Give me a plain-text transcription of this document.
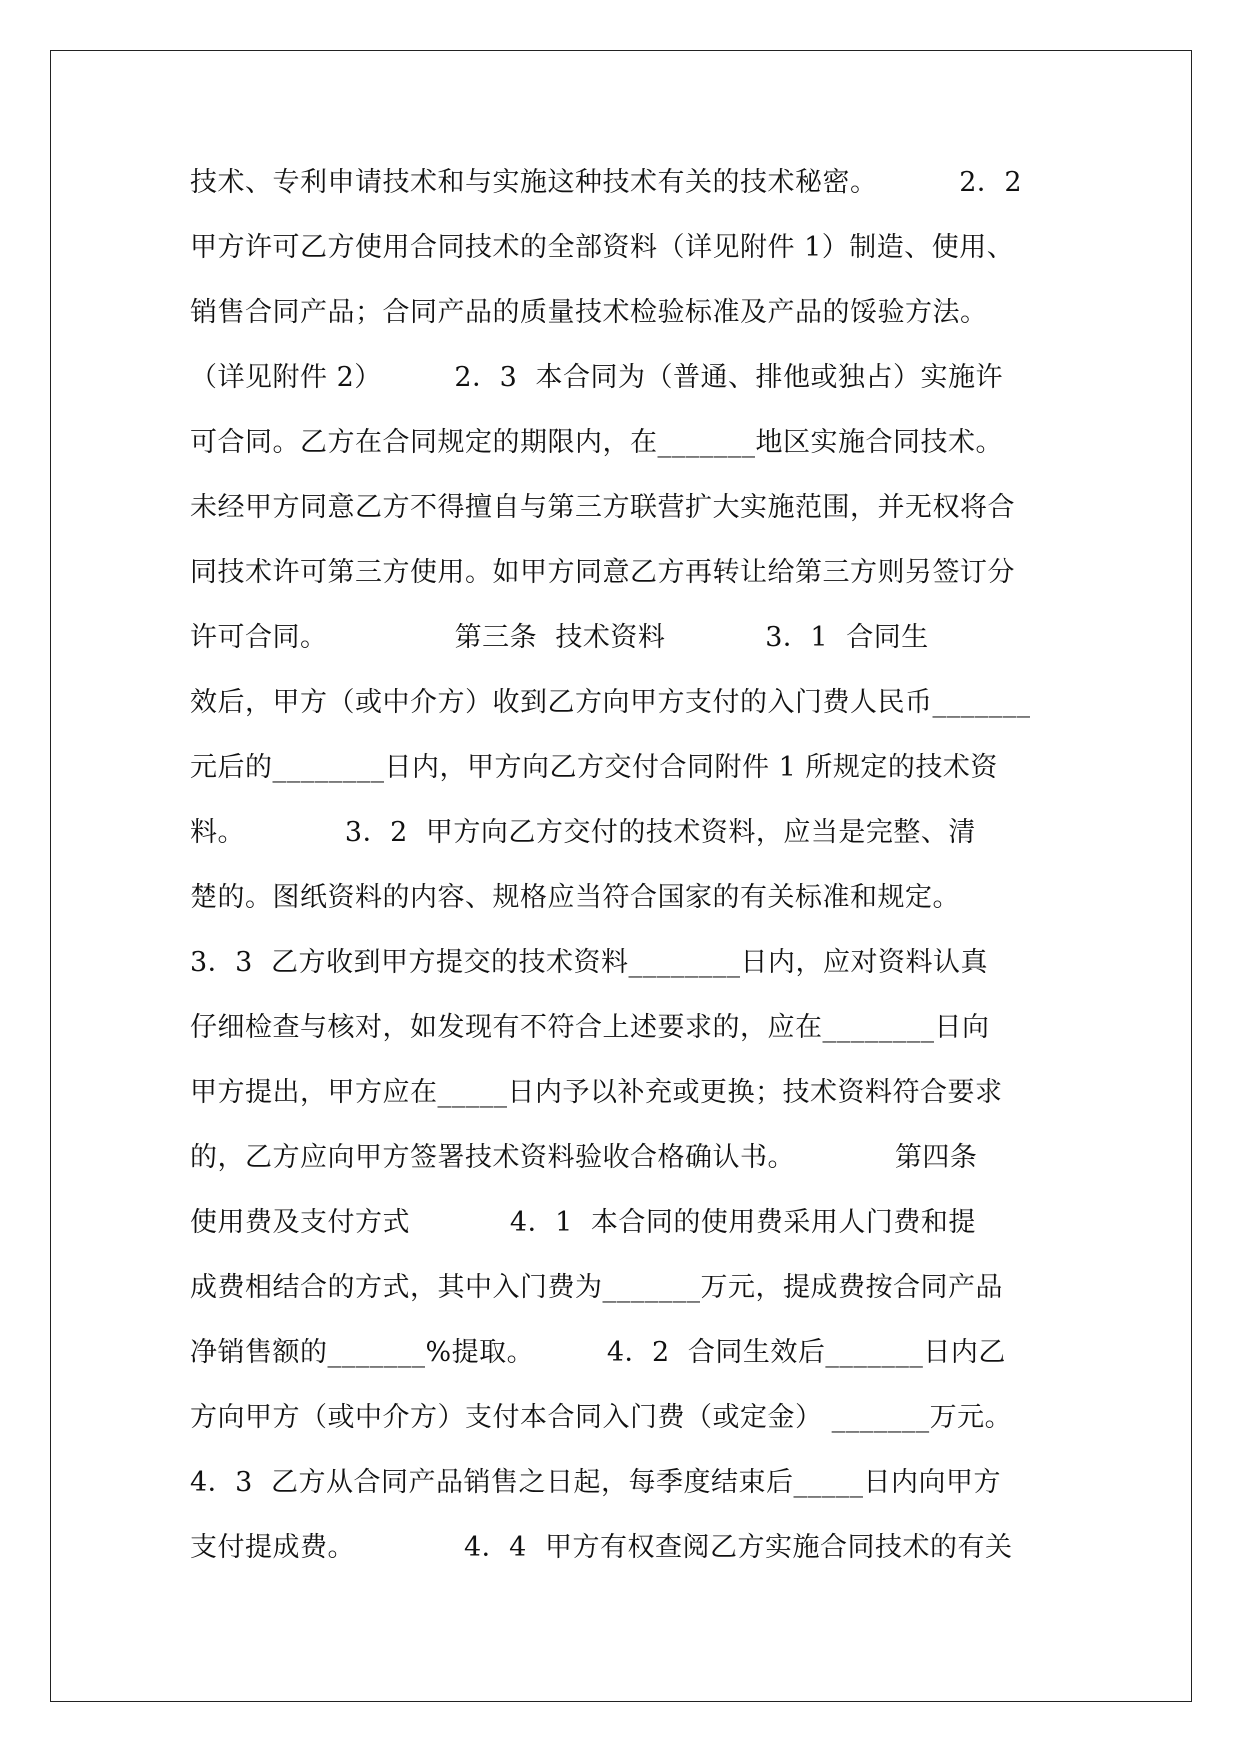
技术、专利申请技术和与实施这种技术有关的技术秘密。         2．2
甲方许可乙方使用合同技术的全部资料（详见附件 1）制造、使用、
销售合同产品；合同产品的质量技术检验标准及产品的馁验方法。
（详见附件 2）        2．3  本合同为（普通、排他或独占）实施许
可合同。乙方在合同规定的期限内，在_______地区实施合同技术。
未经甲方同意乙方不得擅自与第三方联营扩大实施范围，并无权将合
同技术许可第三方使用。如甲方同意乙方再转让给第三方则另签订分
许可合同。              第三条  技术资料           3．1  合同生
效后，甲方（或中介方）收到乙方向甲方支付的入门费人民币_______
元后的________日内，甲方向乙方交付合同附件 1 所规定的技术资
料。           3．2  甲方向乙方交付的技术资料，应当是完整、清
楚的。图纸资料的内容、规格应当符合国家的有关标准和规定。
3．3  乙方收到甲方提交的技术资料________日内，应对资料认真
仔细检查与核对，如发现有不符合上述要求的，应在________日向
甲方提出，甲方应在_____日内予以补充或更换；技术资料符合要求
的，乙方应向甲方签署技术资料验收合格确认书。           第四条
使用费及支付方式           4．1  本合同的使用费采用人门费和提
成费相结合的方式，其中入门费为_______万元，提成费按合同产品
净销售额的_______%提取。        4．2  合同生效后_______日内乙
方向甲方（或中介方）支付本合同入门费（或定金） _______万元。
4．3  乙方从合同产品销售之日起，每季度结束后_____日内向甲方
支付提成费。            4．4  甲方有权查阅乙方实施合同技术的有关
